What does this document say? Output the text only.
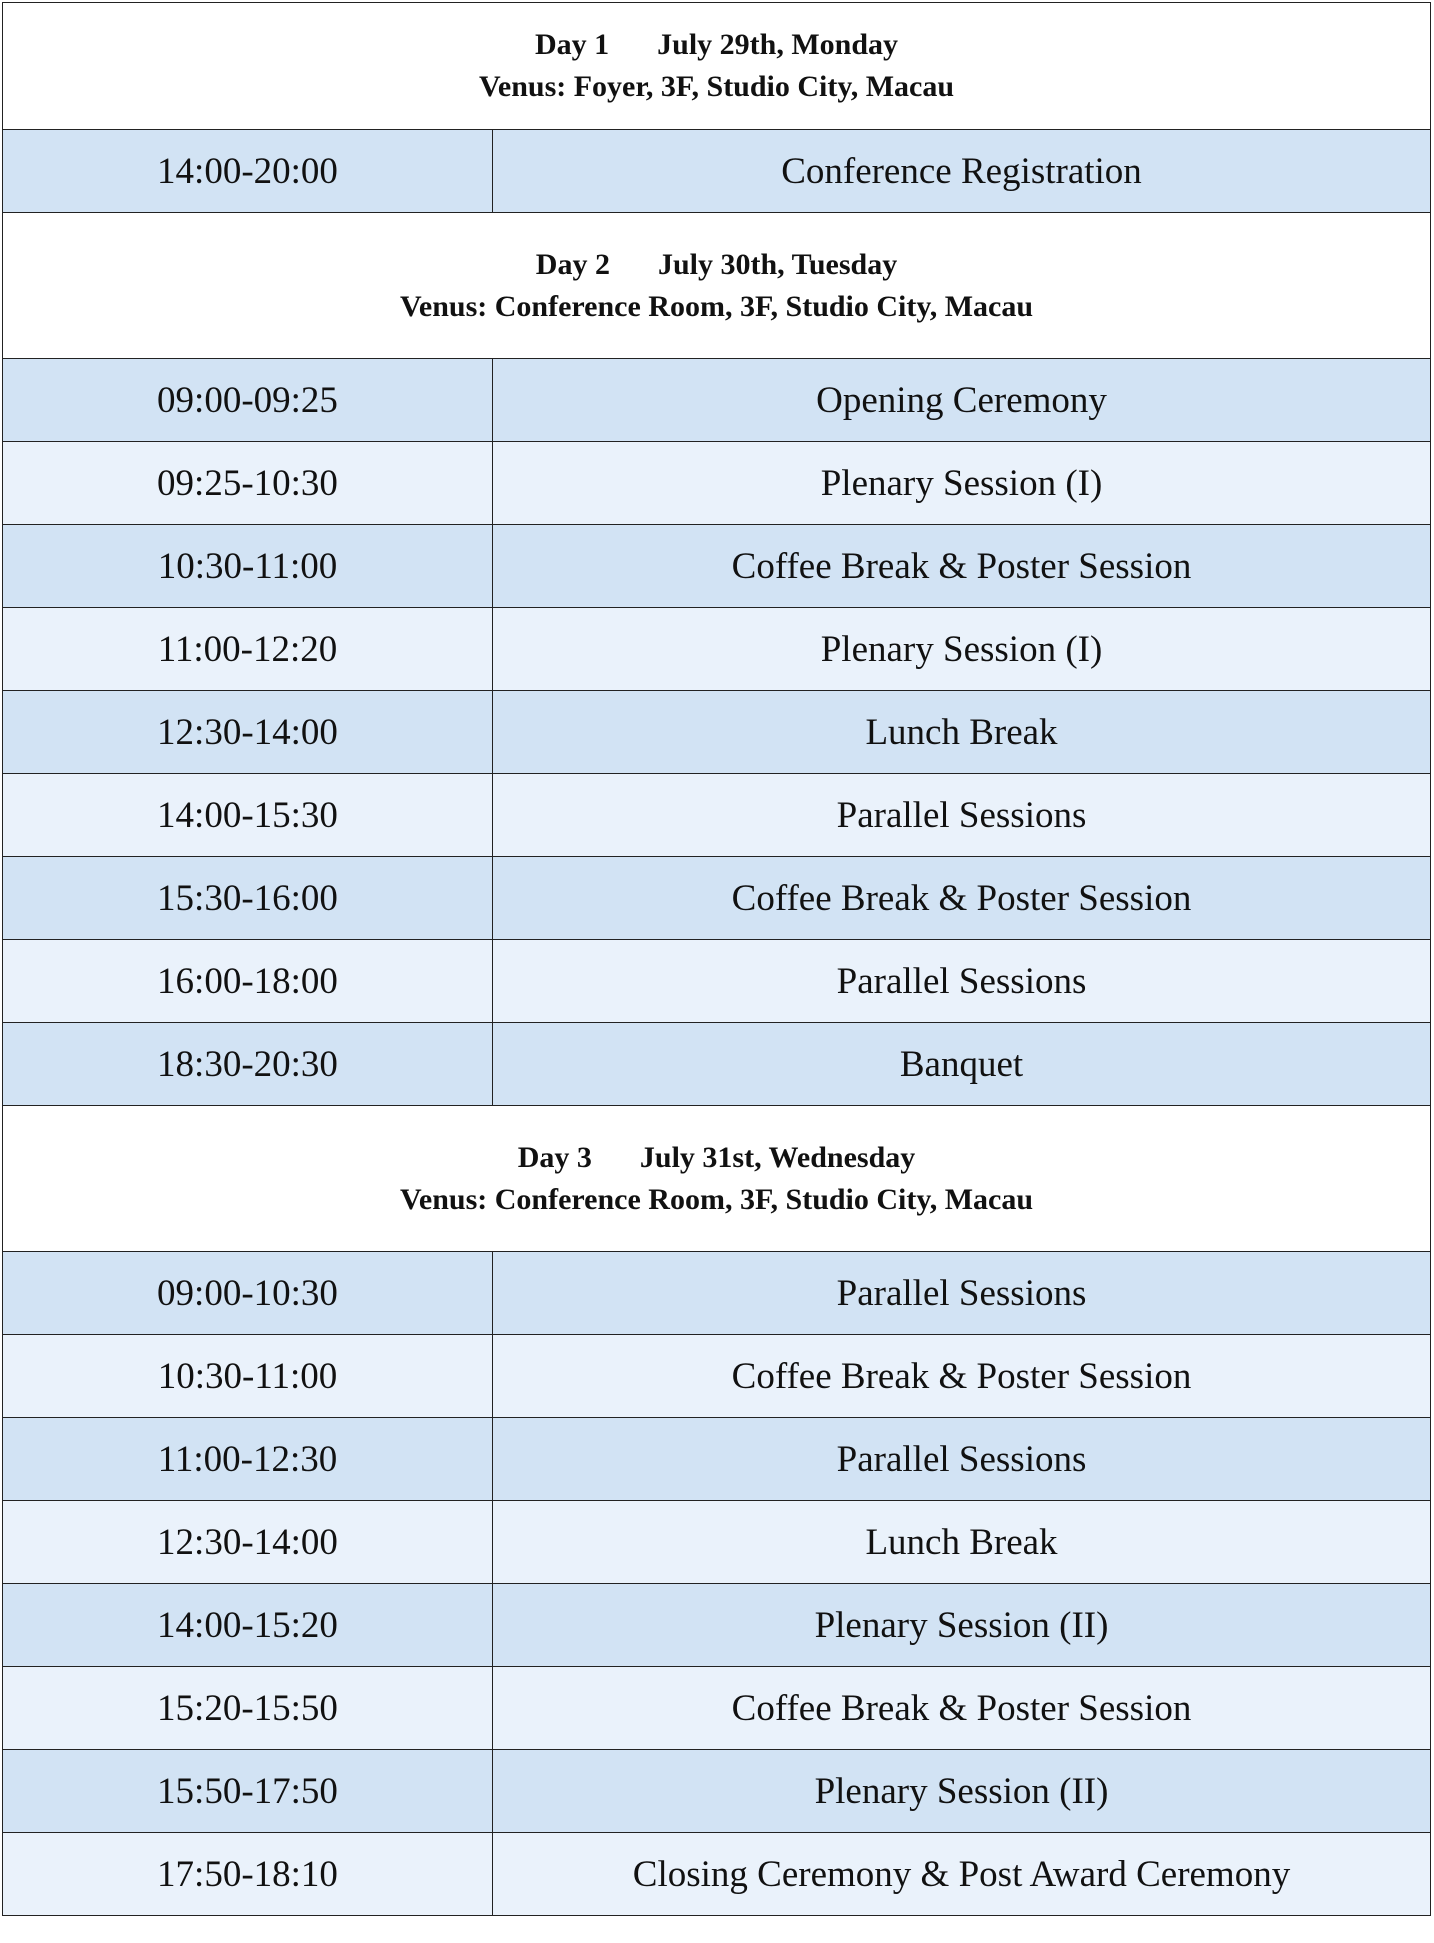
Day 1 July 29th, Monday
Venus: Foyer, 3F, Studio City, Macau	

14:00-20:00	Conference Registration

Day 2 July 30th, Tuesday
Venus: Conference Room, 3F, Studio City, Macau	

09:00-09:25	Opening Ceremony
09:25-10:30	Plenary Session (I)
10:30-11:00	Coffee Break & Poster Session
11:00-12:20	Plenary Session (I)
12:30-14:00	Lunch Break
14:00-15:30	Parallel Sessions
15:30-16:00	Coffee Break & Poster Session
16:00-18:00	Parallel Sessions
18:30-20:30	Banquet

Day 3 July 31st, Wednesday
Venus: Conference Room, 3F, Studio City, Macau	

09:00-10:30	Parallel Sessions
10:30-11:00	Coffee Break & Poster Session
11:00-12:30	Parallel Sessions
12:30-14:00	Lunch Break
14:00-15:20	Plenary Session (II)
15:20-15:50	Coffee Break & Poster Session
15:50-17:50	Plenary Session (II)
17:50-18:10	Closing Ceremony & Post Award Ceremony
